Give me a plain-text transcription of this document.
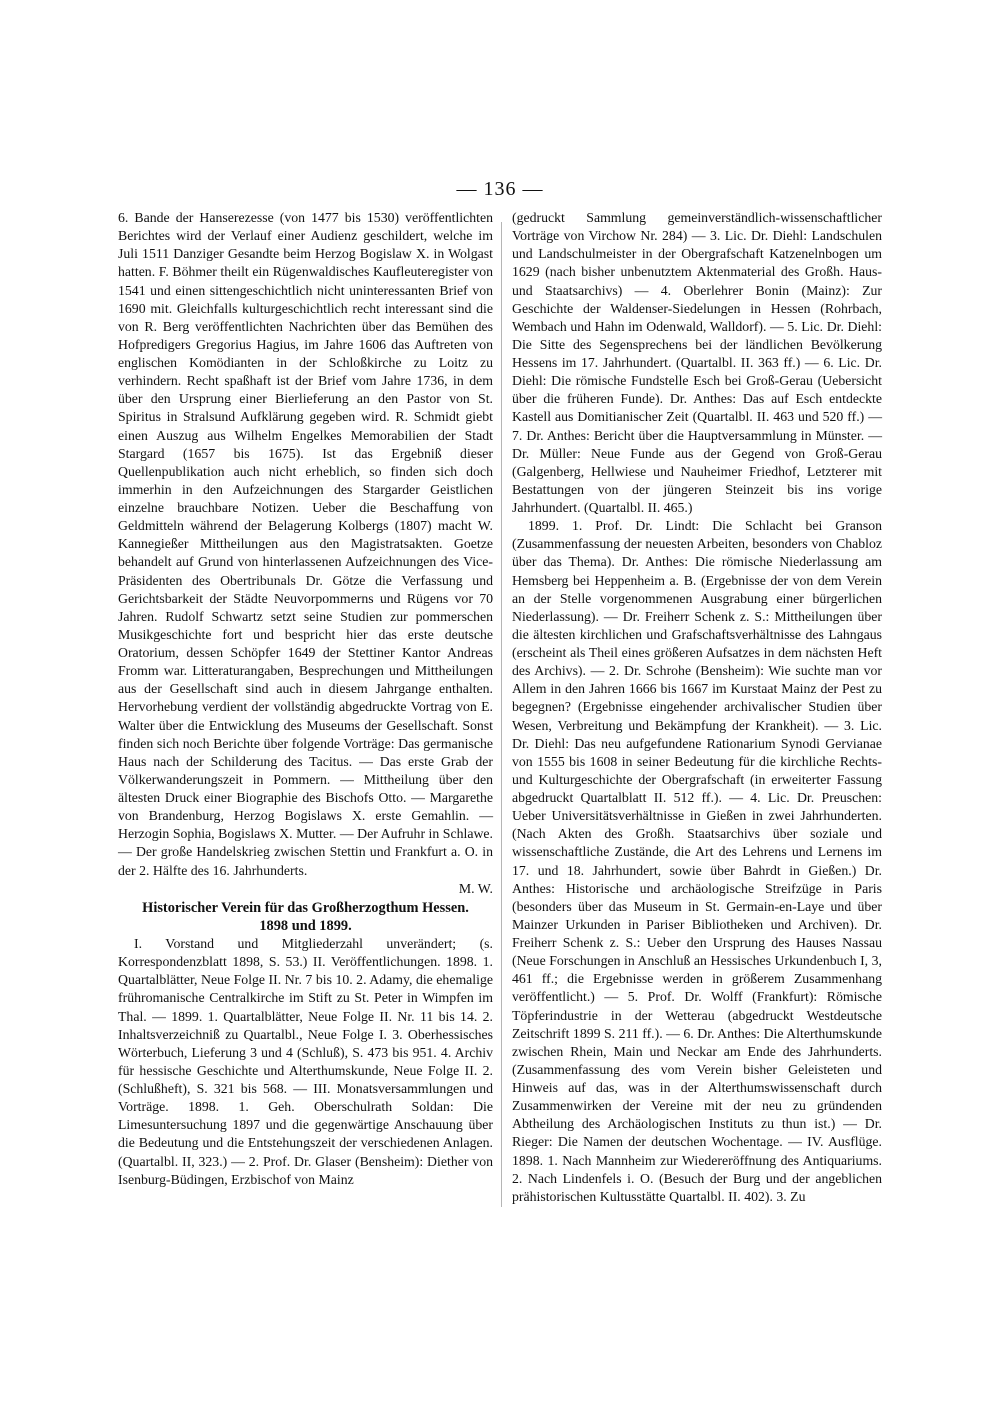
— 136 —

6. Bande der Hanserezesse (von 1477 bis 1530) veröffentlichten Berichtes wird der Verlauf einer Audienz geschildert, welche im Juli 1511 Danziger Gesandte beim Herzog Bogislaw X. in Wolgast hatten. F. Böhmer theilt ein Rügenwaldisches Kaufleuteregister von 1541 und einen sittengeschichtlich nicht uninteressanten Brief von 1690 mit. Gleichfalls kulturgeschichtlich recht interessant sind die von R. Berg veröffentlichten Nachrichten über das Bemühen des Hofpredigers Gregorius Hagius, im Jahre 1606 das Auftreten von englischen Komödianten in der Schloßkirche zu Loitz zu verhindern. Recht spaßhaft ist der Brief vom Jahre 1736, in dem über den Ursprung einer Bierlieferung an den Pastor von St. Spiritus in Stralsund Aufklärung gegeben wird. R. Schmidt giebt einen Auszug aus Wilhelm Engelkes Memorabilien der Stadt Stargard (1657 bis 1675). Ist das Ergebniß dieser Quellenpublikation auch nicht erheblich, so finden sich doch immerhin in den Aufzeichnungen des Stargarder Geistlichen einzelne brauchbare Notizen. Ueber die Beschaffung von Geldmitteln während der Belagerung Kolbergs (1807) macht W. Kannegießer Mittheilungen aus den Magistratsakten. Goetze behandelt auf Grund von hinterlassenen Aufzeichnungen des Vice-Präsidenten des Obertribunals Dr. Götze die Verfassung und Gerichtsbarkeit der Städte Neuvorpommerns und Rügens vor 70 Jahren. Rudolf Schwartz setzt seine Studien zur pommerschen Musikgeschichte fort und bespricht hier das erste deutsche Oratorium, dessen Schöpfer 1649 der Stettiner Kantor Andreas Fromm war. Litteraturangaben, Besprechungen und Mittheilungen aus der Gesellschaft sind auch in diesem Jahrgange enthalten. Hervorhebung verdient der vollständig abgedruckte Vortrag von E. Walter über die Entwicklung des Museums der Gesellschaft. Sonst finden sich noch Berichte über folgende Vorträge: Das germanische Haus nach der Schilderung des Tacitus. — Das erste Grab der Völkerwanderungszeit in Pommern. — Mittheilung über den ältesten Druck einer Biographie des Bischofs Otto. — Margarethe von Brandenburg, Herzog Bogislaws X. erste Gemahlin. — Herzogin Sophia, Bogislaws X. Mutter. — Der Aufruhr in Schlawe. — Der große Handelskrieg zwischen Stettin und Frankfurt a. O. in der 2. Hälfte des 16. Jahrhunderts.

M. W.

Historischer Verein für das Großherzogthum Hessen.
1898 und 1899.

I. Vorstand und Mitgliederzahl unverändert; (s. Korrespondenzblatt 1898, S. 53.) II. Veröffentlichungen. 1898. 1. Quartalblätter, Neue Folge II. Nr. 7 bis 10. 2. Adamy, die ehemalige frühromanische Centralkirche im Stift zu St. Peter in Wimpfen im Thal. — 1899. 1. Quartalblätter, Neue Folge II. Nr. 11 bis 14. 2. Inhaltsverzeichniß zu Quartalbl., Neue Folge I. 3. Oberhessisches Wörterbuch, Lieferung 3 und 4 (Schluß), S. 473 bis 951. 4. Archiv für hessische Geschichte und Alterthumskunde, Neue Folge II. 2. (Schlußheft), S. 321 bis 568. — III. Monatsversammlungen und Vorträge. 1898. 1. Geh. Oberschulrath Soldan: Die Limesuntersuchung 1897 und die gegenwärtige Anschauung über die Bedeutung und die Entstehungszeit der verschiedenen Anlagen. (Quartalbl. II, 323.) — 2. Prof. Dr. Glaser (Bensheim): Diether von Isenburg-Büdingen, Erzbischof von Mainz

(gedruckt Sammlung gemeinverständlich-wissenschaftlicher Vorträge von Virchow Nr. 284) — 3. Lic. Dr. Diehl: Landschulen und Landschulmeister in der Obergrafschaft Katzenelnbogen um 1629 (nach bisher unbenutztem Aktenmaterial des Großh. Haus- und Staatsarchivs) — 4. Oberlehrer Bonin (Mainz): Zur Geschichte der Waldenser-Siedelungen in Hessen (Rohrbach, Wembach und Hahn im Odenwald, Walldorf). — 5. Lic. Dr. Diehl: Die Sitte des Segensprechens bei der ländlichen Bevölkerung Hessens im 17. Jahrhundert. (Quartalbl. II. 363 ff.) — 6. Lic. Dr. Diehl: Die römische Fundstelle Esch bei Groß-Gerau (Uebersicht über die früheren Funde). Dr. Anthes: Das auf Esch entdeckte Kastell aus Domitianischer Zeit (Quartalbl. II. 463 und 520 ff.) — 7. Dr. Anthes: Bericht über die Hauptversammlung in Münster. — Dr. Müller: Neue Funde aus der Gegend von Groß-Gerau (Galgenberg, Hellwiese und Nauheimer Friedhof, Letzterer mit Bestattungen von der jüngeren Steinzeit bis ins vorige Jahrhundert. (Quartalbl. II. 465.)

1899. 1. Prof. Dr. Lindt: Die Schlacht bei Granson (Zusammenfassung der neuesten Arbeiten, besonders von Chabloz über das Thema). Dr. Anthes: Die römische Niederlassung am Hemsberg bei Heppenheim a. B. (Ergebnisse der von dem Verein an der Stelle vorgenommenen Ausgrabung einer bürgerlichen Niederlassung). — Dr. Freiherr Schenk z. S.: Mittheilungen über die ältesten kirchlichen und Grafschaftsverhältnisse des Lahngaus (erscheint als Theil eines größeren Aufsatzes in dem nächsten Heft des Archivs). — 2. Dr. Schrohe (Bensheim): Wie suchte man vor Allem in den Jahren 1666 bis 1667 im Kurstaat Mainz der Pest zu begegnen? (Ergebnisse eingehender archivalischer Studien über Wesen, Verbreitung und Bekämpfung der Krankheit). — 3. Lic. Dr. Diehl: Das neu aufgefundene Rationarium Synodi Gervianae von 1555 bis 1608 in seiner Bedeutung für die kirchliche Rechts- und Kulturgeschichte der Obergrafschaft (in erweiterter Fassung abgedruckt Quartalblatt II. 512 ff.). — 4. Lic. Dr. Preuschen: Ueber Universitätsverhältnisse in Gießen in zwei Jahrhunderten. (Nach Akten des Großh. Staatsarchivs über soziale und wissenschaftliche Zustände, die Art des Lehrens und Lernens im 17. und 18. Jahrhundert, sowie über Bahrdt in Gießen.) Dr. Anthes: Historische und archäologische Streifzüge in Paris (besonders über das Museum in St. Germain-en-Laye und über Mainzer Urkunden in Pariser Bibliotheken und Archiven). Dr. Freiherr Schenk z. S.: Ueber den Ursprung des Hauses Nassau (Neue Forschungen in Anschluß an Hessisches Urkundenbuch I, 3, 461 ff.; die Ergebnisse werden in größerem Zusammenhang veröffentlicht.) — 5. Prof. Dr. Wolff (Frankfurt): Römische Töpferindustrie in der Wetterau (abgedruckt Westdeutsche Zeitschrift 1899 S. 211 ff.). — 6. Dr. Anthes: Die Alterthumskunde zwischen Rhein, Main und Neckar am Ende des Jahrhunderts. (Zusammenfassung des vom Verein bisher Geleisteten und Hinweis auf das, was in der Alterthumswissenschaft durch Zusammenwirken der Vereine mit der neu zu gründenden Abtheilung des Archäologischen Instituts zu thun ist.) — Dr. Rieger: Die Namen der deutschen Wochentage. — IV. Ausflüge. 1898. 1. Nach Mannheim zur Wiedereröffnung des Antiquariums. 2. Nach Lindenfels i. O. (Besuch der Burg und der angeblichen prähistorischen Kultusstätte Quartalbl. II. 402). 3. Zu
